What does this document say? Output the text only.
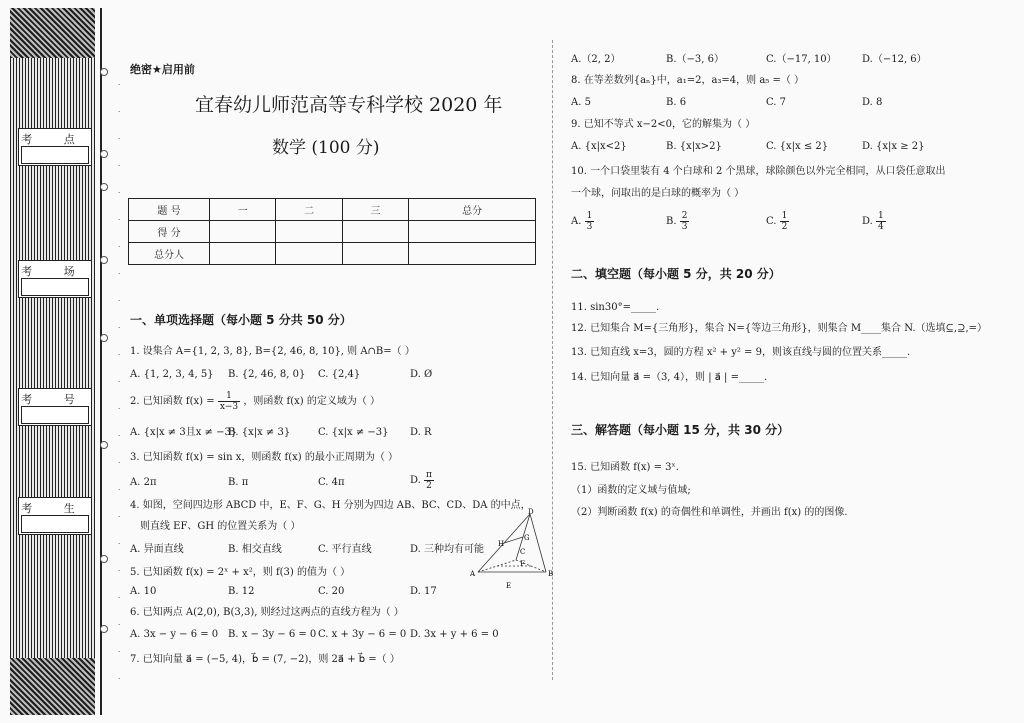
考 点
考 场
考 号
考 生
·
·
·
·
·
·
·
·
·
·
·
·
·
·
·
·
·
·
·
·
·
·
·
绝密★启用前
宜春幼儿师范高等专科学校 2020 年
数学 (100 分)
题 号	一	二	三	总分
得 分				
总分人				
一、单项选择题（每小题 5 分共 50 分）
1. 设集合 A={1, 2, 3, 8}, B={2, 46, 8, 10}, 则 A∩B=（ ）
A. {1, 2, 3, 4, 5} B. {2, 46, 8, 0} C. {2,4}	D. Ø
2. 已知函数 $f(x) = \frac{1}{x-3}$ ，则函数 f(x) 的定义域为（ ）
A. {x|x ≠ 3且x ≠ −3}
B. {x|x ≠ 3}	C. {x|x ≠ −3} D. R
3. 已知函数 f(x) = sin x，则函数 f(x) 的最小正周期为（ ）
A. 2π	B. π	C. 4π	D. $\frac{\pi}{2}$
4. 如图，空间四边形 ABCD 中，E、F、G、H 分别为四边 AB、BC、CD、DA 的中点，
则直线 EF、GH 的位置关系为（ ）
A. 异面直线	B. 相交直线	C. 平行直线	D. 三种均有可能
D
H
G
C
F
A	B
E
5. 已知函数 f(x) = 2ˣ + x²，则 f(3) 的值为（ ）
A. 10	B. 12	C. 20	D. 17
6. 已知两点 A(2,0), B(3,3), 则经过这两点的直线方程为（ ）
A. 3x − y − 6 = 0 B. x − 3y − 6 = 0 C. x + 3y − 6 = 0 D. 3x + y + 6 = 0
7. 已知向量 a⃗ = (−5, 4)，b⃗ = (7, −2)，则 2a⃗ + b⃗ =（ ）
A.（2, 2）	B.（−3, 6）	C.（−17, 10）	D.（−12, 6）
8. 在等差数列{aₙ}中，a₁=2，a₃=4，则 a₅ =（ ）
A. 5	B. 6	C. 7	D. 8
9. 已知不等式 x−2<0，它的解集为（ ）
A. {x|x<2}	B. {x|x>2}	C. {x|x ≤ 2}	D. {x|x ≥ 2}
10. 一个口袋里装有 4 个白球和 2 个黑球，球除颜色以外完全相同，从口袋任意取出
一个球，问取出的是白球的概率为（ ）
A. $\frac{1}{3}$	B. $\frac{2}{3}$	C. $\frac{1}{2}$	D. $\frac{1}{4}$
二、填空题（每小题 5 分，共 20 分）
11. sin30°=_____.
12. 已知集合 M={三角形}，集合 N={等边三角形}，则集合 M____集合 N.（选填⊆,⊇,=）
13. 已知直线 x=3，圆的方程 x² + y² = 9，则该直线与圆的位置关系_____.
14. 已知向量 a⃗ =（3, 4），则 | a⃗ | =_____.
三、解答题（每小题 15 分，共 30 分）
15. 已知函数 f(x) = 3ˣ.
（1）函数的定义域与值域;
（2）判断函数 f(x) 的奇偶性和单调性，并画出 f(x) 的的图像.
